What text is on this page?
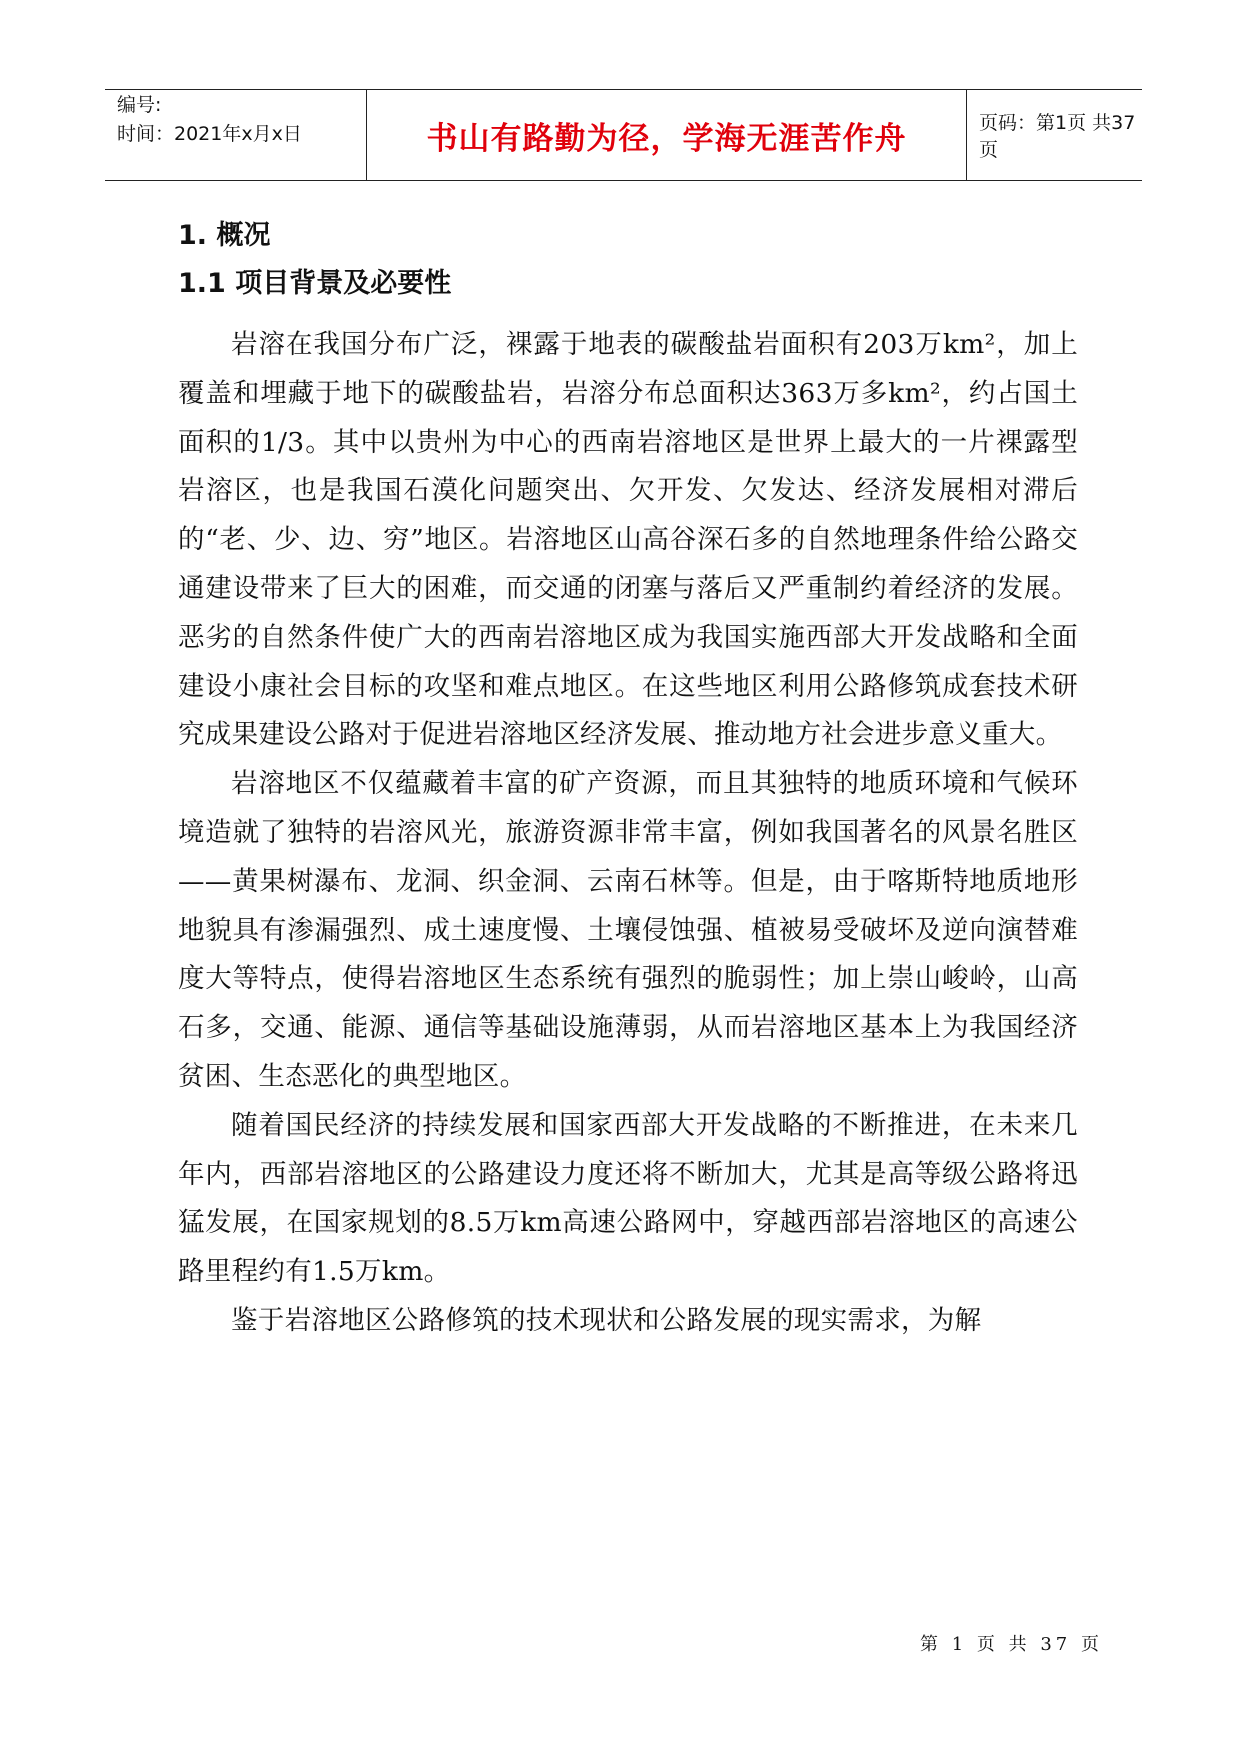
编号:
时间：2021年x月x日	书山有路勤为径，学海无涯苦作舟	页码：第1页 共37页
1. 概况
1.1 项目背景及必要性

岩溶在我国分布广泛，裸露于地表的碳酸盐岩面积有203万km²，加上覆盖和埋藏于地下的碳酸盐岩，岩溶分布总面积达363万多km²，约占国土面积的1/3。其中以贵州为中心的西南岩溶地区是世界上最大的一片裸露型岩溶区，也是我国石漠化问题突出、欠开发、欠发达、经济发展相对滞后的“老、少、边、穷”地区。岩溶地区山高谷深石多的自然地理条件给公路交通建设带来了巨大的困难，而交通的闭塞与落后又严重制约着经济的发展。恶劣的自然条件使广大的西南岩溶地区成为我国实施西部大开发战略和全面建设小康社会目标的攻坚和难点地区。在这些地区利用公路修筑成套技术研究成果建设公路对于促进岩溶地区经济发展、推动地方社会进步意义重大。

岩溶地区不仅蕴藏着丰富的矿产资源，而且其独特的地质环境和气候环境造就了独特的岩溶风光，旅游资源非常丰富，例如我国著名的风景名胜区——黄果树瀑布、龙洞、织金洞、云南石林等。但是，由于喀斯特地质地形地貌具有渗漏强烈、成土速度慢、土壤侵蚀强、植被易受破坏及逆向演替难度大等特点，使得岩溶地区生态系统有强烈的脆弱性；加上崇山峻岭，山高石多，交通、能源、通信等基础设施薄弱，从而岩溶地区基本上为我国经济贫困、生态恶化的典型地区。

随着国民经济的持续发展和国家西部大开发战略的不断推进，在未来几年内，西部岩溶地区的公路建设力度还将不断加大，尤其是高等级公路将迅猛发展，在国家规划的8.5万km高速公路网中，穿越西部岩溶地区的高速公路里程约有1.5万km。

鉴于岩溶地区公路修筑的技术现状和公路发展的现实需求，为解

第 1 页 共 37 页
